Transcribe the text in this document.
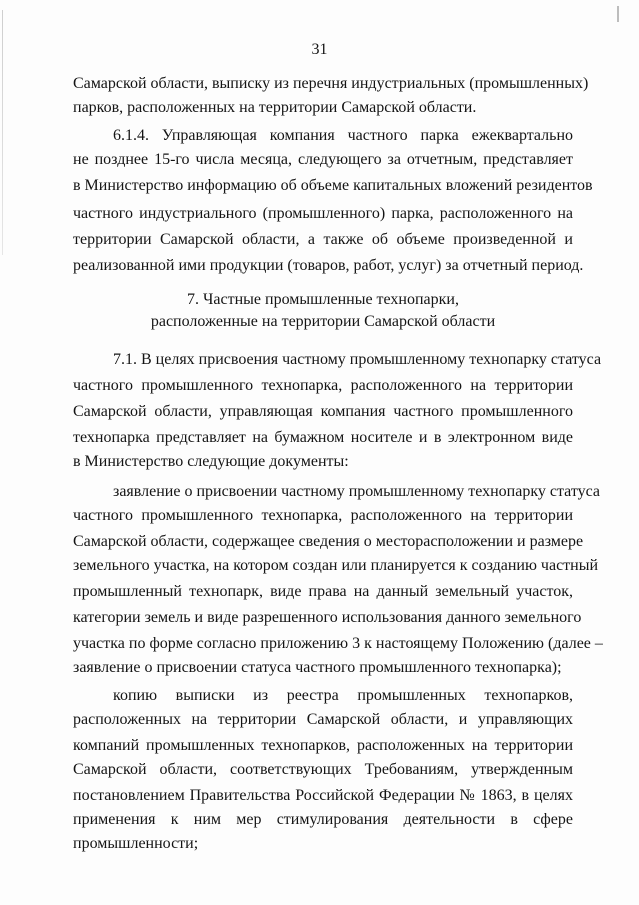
31
Самарской области, выписку из перечня индустриальных (промышленных)
парков, расположенных на территории Самарской области.
6.1.4. Управляющая компания частного парка ежеквартально
не позднее 15-го числа месяца, следующего за отчетным, представляет
в Министерство информацию об объеме капитальных вложений резидентов
частного индустриального (промышленного) парка, расположенного на
территории Самарской области, а также об объеме произведенной и
реализованной ими продукции (товаров, работ, услуг) за отчетный период.
7. Частные промышленные технопарки,
расположенные на территории Самарской области
7.1. В целях присвоения частному промышленному технопарку статуса
частного промышленного технопарка, расположенного на территории
Самарской области, управляющая компания частного промышленного
технопарка представляет на бумажном носителе и в электронном виде
в Министерство следующие документы:
заявление о присвоении частному промышленному технопарку статуса
частного промышленного технопарка, расположенного на территории
Самарской области, содержащее сведения о месторасположении и размере
земельного участка, на котором создан или планируется к созданию частный
промышленный технопарк, виде права на данный земельный участок,
категории земель и виде разрешенного использования данного земельного
участка по форме согласно приложению 3 к настоящему Положению (далее –
заявление о присвоении статуса частного промышленного технопарка);
копию выписки из реестра промышленных технопарков,
расположенных на территории Самарской области, и управляющих
компаний промышленных технопарков, расположенных на территории
Самарской области, соответствующих Требованиям, утвержденным
постановлением Правительства Российской Федерации № 1863, в целях
применения к ним мер стимулирования деятельности в сфере
промышленности;
